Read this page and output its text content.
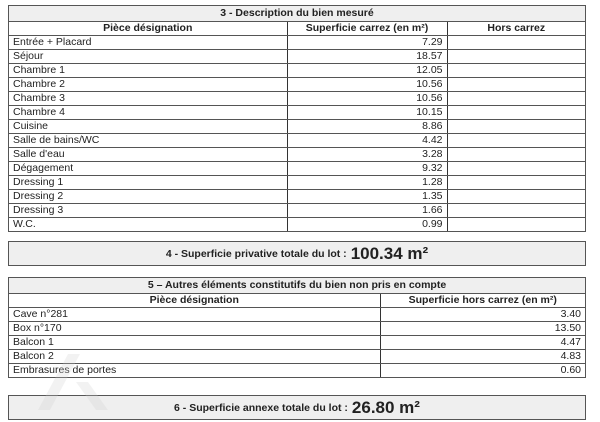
3 - Description du bien mesuré		
Pièce désignation	Superficie carrez (en m²)	Hors carrez
Entrée + Placard	7.29	
Séjour	18.57	
Chambre 1	12.05	
Chambre 2	10.56	
Chambre 3	10.56	
Chambre 4	10.15	
Cuisine	8.86	
Salle de bains/WC	4.42	
Salle d'eau	3.28	
Dégagement	9.32	
Dressing 1	1.28	
Dressing 2	1.35	
Dressing 3	1.66	
W.C.	0.99	
4 - Superficie privative totale du lot : 100.34 m²
5 – Autres éléments constitutifs du bien non pris en compte	
Pièce désignation	Superficie hors carrez (en m²)
Cave n°281	3.40
Box n°170	13.50
Balcon 1	4.47
Balcon 2	4.83
Embrasures de portes	0.60
6 - Superficie annexe totale du lot : 26.80 m²
